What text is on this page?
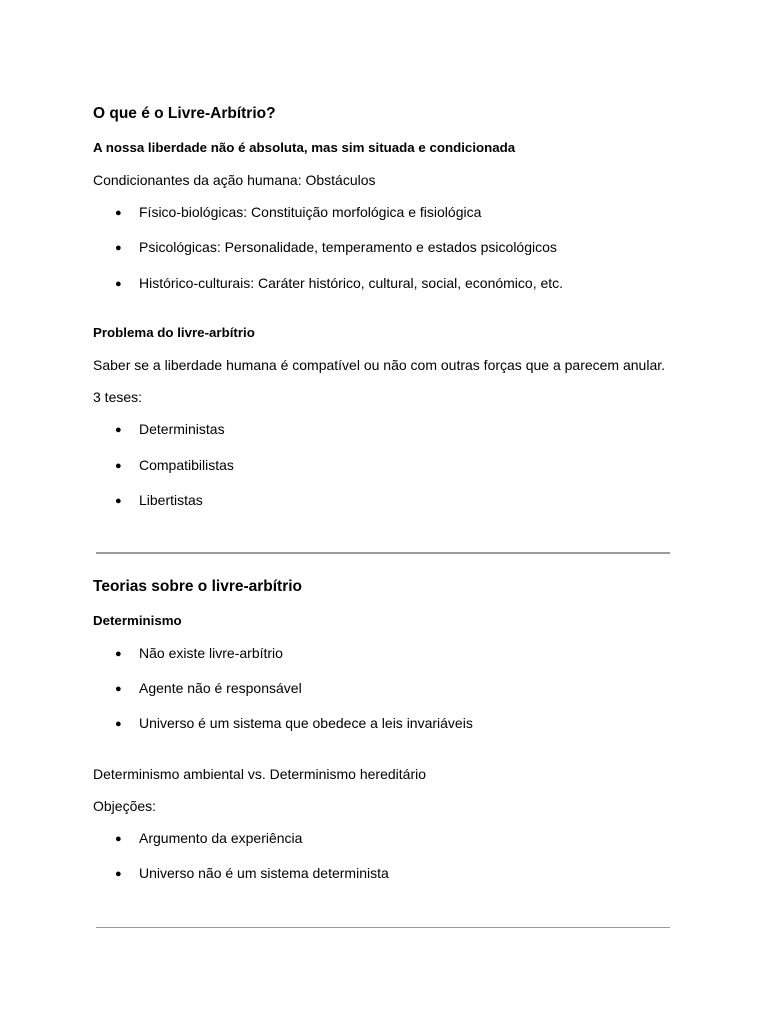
O que é o Livre-Arbítrio?
A nossa liberdade não é absoluta, mas sim situada e condicionada
Condicionantes da ação humana: Obstáculos
● Físico-biológicas: Constituição morfológica e fisiológica
● Psicológicas: Personalidade, temperamento e estados psicológicos
● Histórico-culturais: Caráter histórico, cultural, social, económico, etc.
Problema do livre-arbítrio
Saber se a liberdade humana é compatível ou não com outras forças que a parecem anular.
3 teses:
● Deterministas
● Compatibilistas
● Libertistas
Teorias sobre o livre-arbítrio
Determinismo
● Não existe livre-arbítrio
● Agente não é responsável
● Universo é um sistema que obedece a leis invariáveis
Determinismo ambiental vs. Determinismo hereditário
Objeções:
● Argumento da experiência
● Universo não é um sistema determinista
